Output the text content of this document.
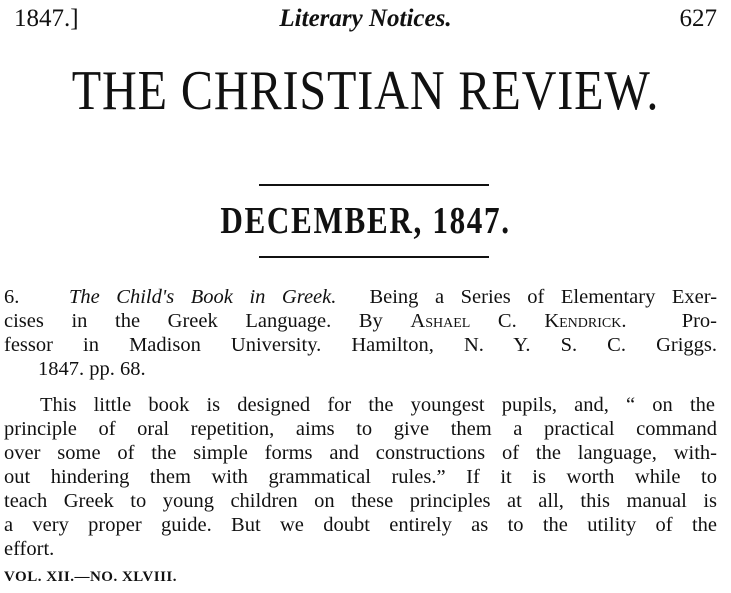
1847.]	Literary Notices.	627
THE CHRISTIAN REVIEW.
DECEMBER, 1847.
6. The Child's Book in Greek. Being a Series of Elementary Exer-
cises in the Greek Language. By Ashael C. Kendrick.	Pro-
fessor in Madison University. Hamilton, N. Y. S. C. Griggs.
1847. pp. 68.
This little book is designed for the youngest pupils, and, “ on the
principle of oral repetition, aims to give them a practical command
over some of the simple forms and constructions of the language, with-
out hindering them with grammatical rules.” If it is worth while to
teach Greek to young children on these principles at all, this manual is
a very proper guide. But we doubt entirely as to the utility of the
effort.
VOL. XII.—NO. XLVIII.
